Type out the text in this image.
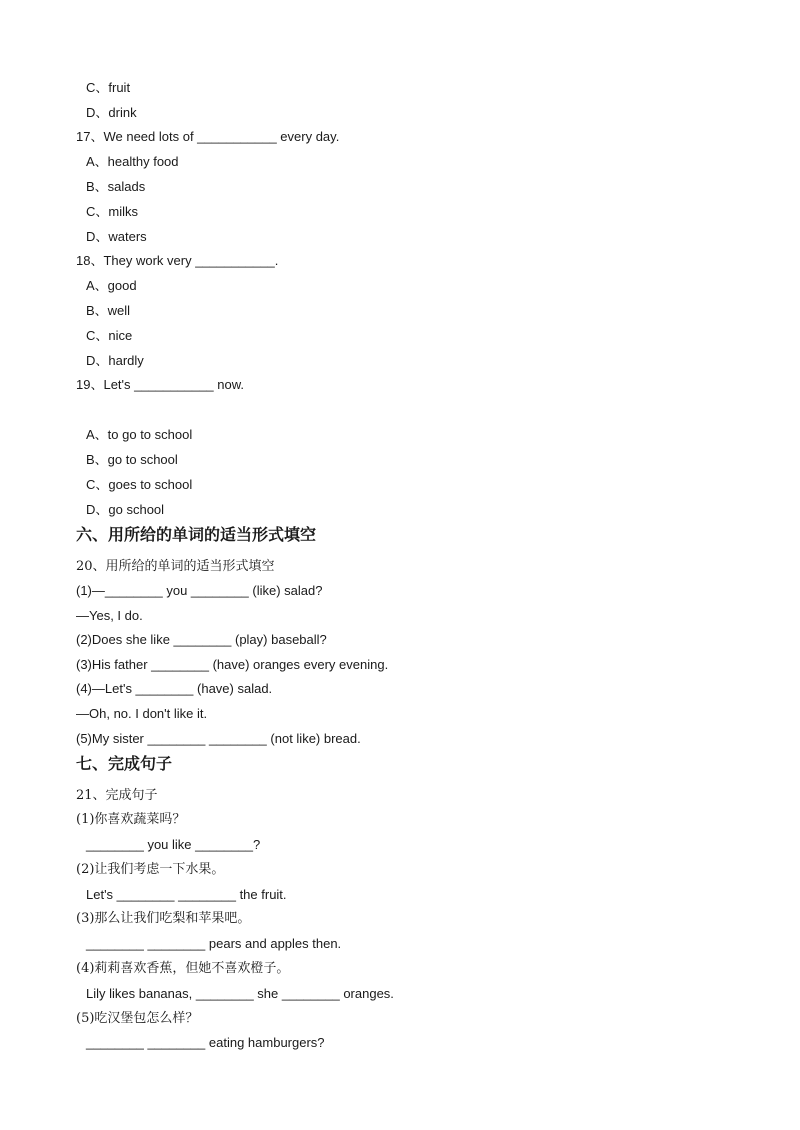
C、fruit
D、drink
17、We need lots of ___________ every day.
A、healthy food
B、salads
C、milks
D、waters
18、They work very ___________.
A、good
B、well
C、nice
D、hardly
19、Let's ___________ now.
A、to go to school
B、go to school
C、goes to school
D、go school
六、用所给的单词的适当形式填空
20、用所给的单词的适当形式填空
(1)—________ you ________ (like) salad?
—Yes, I do.
(2)Does she like ________ (play) baseball?
(3)His father ________ (have) oranges every evening.
(4)—Let's ________ (have) salad.
—Oh, no. I don't like it.
(5)My sister ________ ________ (not like) bread.
七、完成句子
21、完成句子
(1)你喜欢蔬菜吗？
________ you like ________?
(2)让我们考虑一下水果。
Let's ________ ________ the fruit.
(3)那么让我们吃梨和苹果吧。
________ ________ pears and apples then.
(4)莉莉喜欢香蕉，但她不喜欢橙子。
Lily likes bananas, ________ she ________ oranges.
(5)吃汉堡包怎么样？
________ ________ eating hamburgers?
